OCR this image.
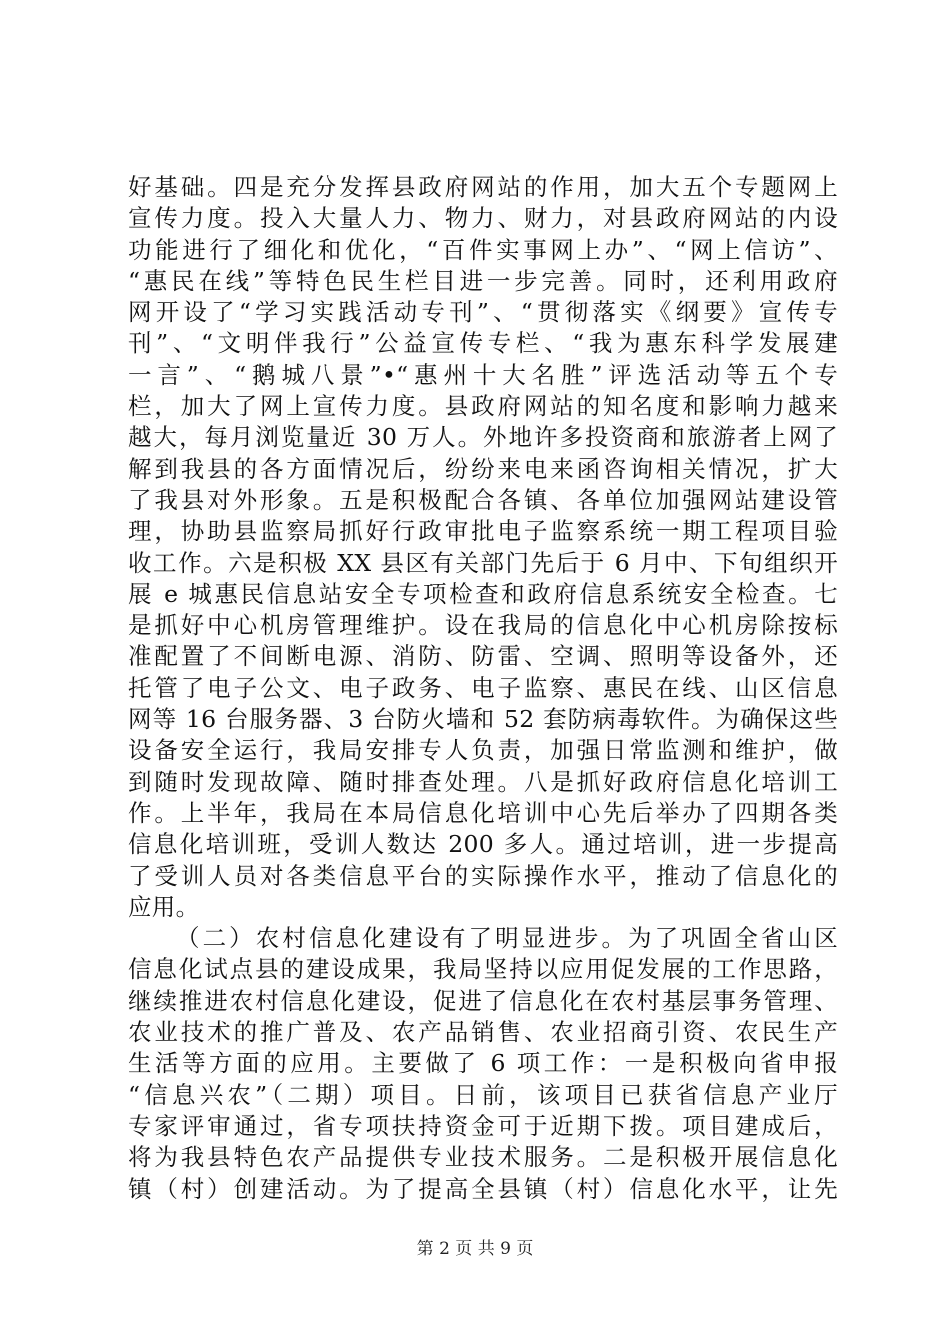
好基础。四是充分发挥县政府网站的作用，加大五个专题网上
宣传力度。投入大量人力、物力、财力，对县政府网站的内设
功能进行了细化和优化，“百件实事网上办”、“网上信访”、
“惠民在线”等特色民生栏目进一步完善。同时，还利用政府
网开设了“学习实践活动专刊”、“贯彻落实《纲要》宣传专
刊”、“文明伴我行”公益宣传专栏、“我为惠东科学发展建
一言”、“鹅城八景”•“惠州十大名胜”评选活动等五个专
栏，加大了网上宣传力度。县政府网站的知名度和影响力越来
越大，每月浏览量近 30 万人。外地许多投资商和旅游者上网了
解到我县的各方面情况后，纷纷来电来函咨询相关情况，扩大
了我县对外形象。五是积极配合各镇、各单位加强网站建设管
理，协助县监察局抓好行政审批电子监察系统一期工程项目验
收工作。六是积极 XX 县区有关部门先后于 6 月中、下旬组织开
展 e 城惠民信息站安全专项检查和政府信息系统安全检查。七
是抓好中心机房管理维护。设在我局的信息化中心机房除按标
准配置了不间断电源、消防、防雷、空调、照明等设备外，还
托管了电子公文、电子政务、电子监察、惠民在线、山区信息
网等 16 台服务器、3 台防火墙和 52 套防病毒软件。为确保这些
设备安全运行，我局安排专人负责，加强日常监测和维护，做
到随时发现故障、随时排查处理。八是抓好政府信息化培训工
作。上半年，我局在本局信息化培训中心先后举办了四期各类
信息化培训班，受训人数达 200 多人。通过培训，进一步提高
了受训人员对各类信息平台的实际操作水平，推动了信息化的
应用。
（二）农村信息化建设有了明显进步。为了巩固全省山区
信息化试点县的建设成果，我局坚持以应用促发展的工作思路，
继续推进农村信息化建设，促进了信息化在农村基层事务管理、
农业技术的推广普及、农产品销售、农业招商引资、农民生产
生活等方面的应用。主要做了 6 项工作：一是积极向省申报
“信息兴农”（二期）项目。日前，该项目已获省信息产业厅
专家评审通过，省专项扶持资金可于近期下拨。项目建成后，
将为我县特色农产品提供专业技术服务。二是积极开展信息化
镇（村）创建活动。为了提高全县镇（村）信息化水平，让先
第 2 页 共 9 页
